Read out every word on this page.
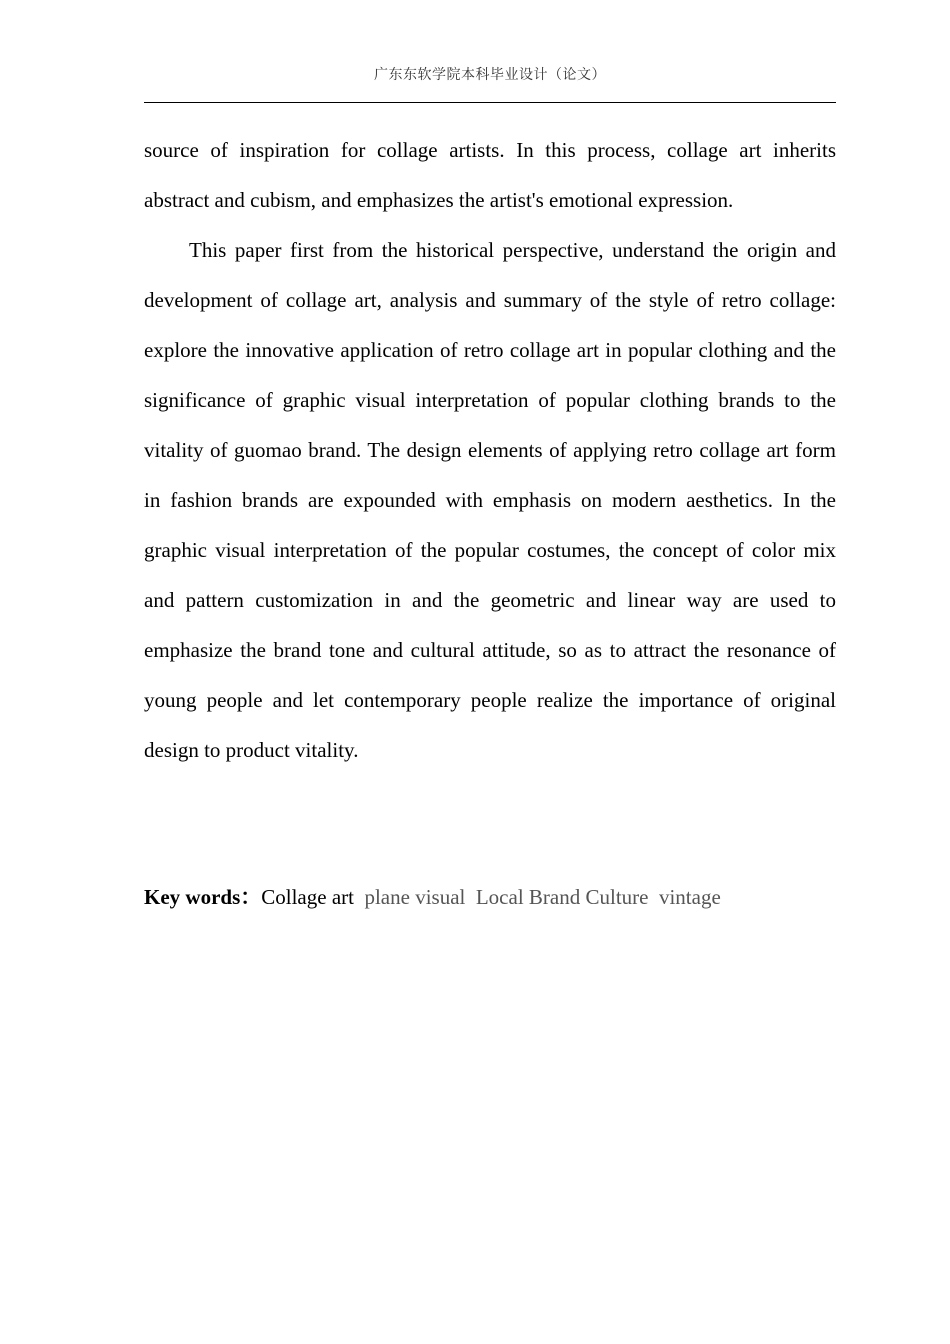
广东东软学院本科毕业设计（论文）

source of inspiration for collage artists. In this process, collage art inherits abstract and cubism, and emphasizes the artist's emotional expression.

This paper first from the historical perspective, understand the origin and development of collage art, analysis and summary of the style of retro collage: explore the innovative application of retro collage art in popular clothing and the significance of graphic visual interpretation of popular clothing brands to the vitality of guomao brand. The design elements of applying retro collage art form in fashion brands are expounded with emphasis on modern aesthetics. In the graphic visual interpretation of the popular costumes, the concept of color mix and pattern customization in and the geometric and linear way are used to emphasize the brand tone and cultural attitude, so as to attract the resonance of young people and let contemporary people realize the importance of original design to product vitality.

Key words：Collage art plane visual  Local Brand Culture  vintage
